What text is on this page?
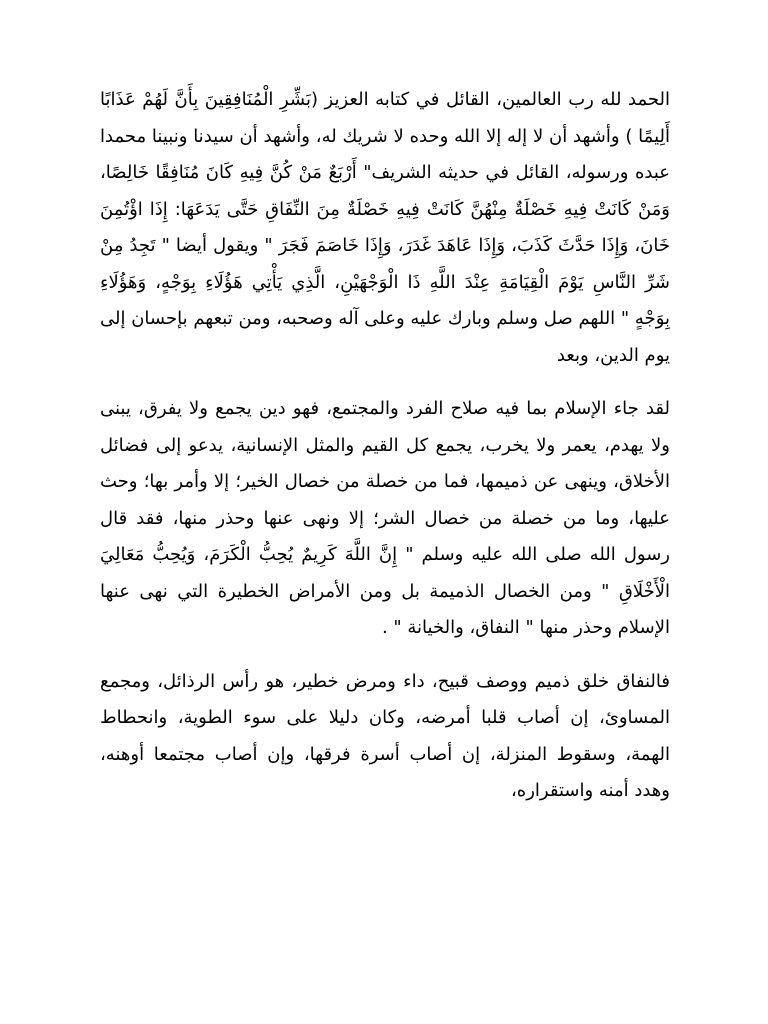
الحمد لله رب العالمين، القائل في كتابه العزيز (بَشِّرِ الْمُنَافِقِينَ بِأَنَّ لَهُمْ عَذَابًا أَلِيمًا ) وأشهد أن لا إله إلا الله وحده لا شريك له، وأشهد أن سيدنا ونبينا محمدا عبده ورسوله، القائل في حديثه الشريف" أَرْبَعٌ مَنْ كُنَّ فِيهِ كَانَ مُنَافِقًا خَالِصًا، وَمَنْ كَانَتْ فِيهِ خَصْلَةٌ مِنْهُنَّ كَانَتْ فِيهِ خَصْلَةٌ مِنَ النِّفَاقِ حَتَّى يَدَعَهَا: إِذَا اؤْتُمِنَ خَانَ، وَإِذَا حَدَّثَ كَذَبَ، وَإِذَا عَاهَدَ غَدَرَ، وَإِذَا خَاصَمَ فَجَرَ " ويقول أيضا " تَجِدُ مِنْ شَرِّ النَّاسِ يَوْمَ الْقِيَامَةِ عِنْدَ اللَّهِ ذَا الْوَجْهَيْنِ، الَّذِي يَأْتِي هَؤُلَاءِ بِوَجْهٍ، وَهَؤُلَاءِ بِوَجْهٍ " اللهم صل وسلم وبارك عليه وعلى آله وصحبه، ومن تبعهم بإحسان إلى يوم الدين، وبعد

لقد جاء الإسلام بما فيه صلاح الفرد والمجتمع، فهو دين يجمع ولا يفرق، يبنى ولا يهدم، يعمر ولا يخرب، يجمع كل القيم والمثل الإنسانية، يدعو إلى فضائل الأخلاق، وينهى عن ذميمها، فما من خصلة من خصال الخير؛ إلا وأمر بها؛ وحث عليها، وما من خصلة من خصال الشر؛ إلا ونهى عنها وحذر منها، فقد قال رسول الله صلى الله عليه وسلم " إِنَّ اللَّهَ كَرِيمٌ يُحِبُّ الْكَرَمَ، وَيُحِبُّ مَعَالِيَ الْأَخْلَاقِ " ومن الخصال الذميمة بل ومن الأمراض الخطيرة التي نهى عنها الإسلام وحذر منها " النفاق، والخيانة " .

فالنفاق خلق ذميم ووصف قبيح، داء ومرض خطير، هو رأس الرذائل، ومجمع المساوئ، إن أصاب قلبا أمرضه، وكان دليلا على سوء الطوية، وانحطاط الهمة، وسقوط المنزلة، إن أصاب أسرة فرقها، وإن أصاب مجتمعا أوهنه، وهدد أمنه واستقراره،
